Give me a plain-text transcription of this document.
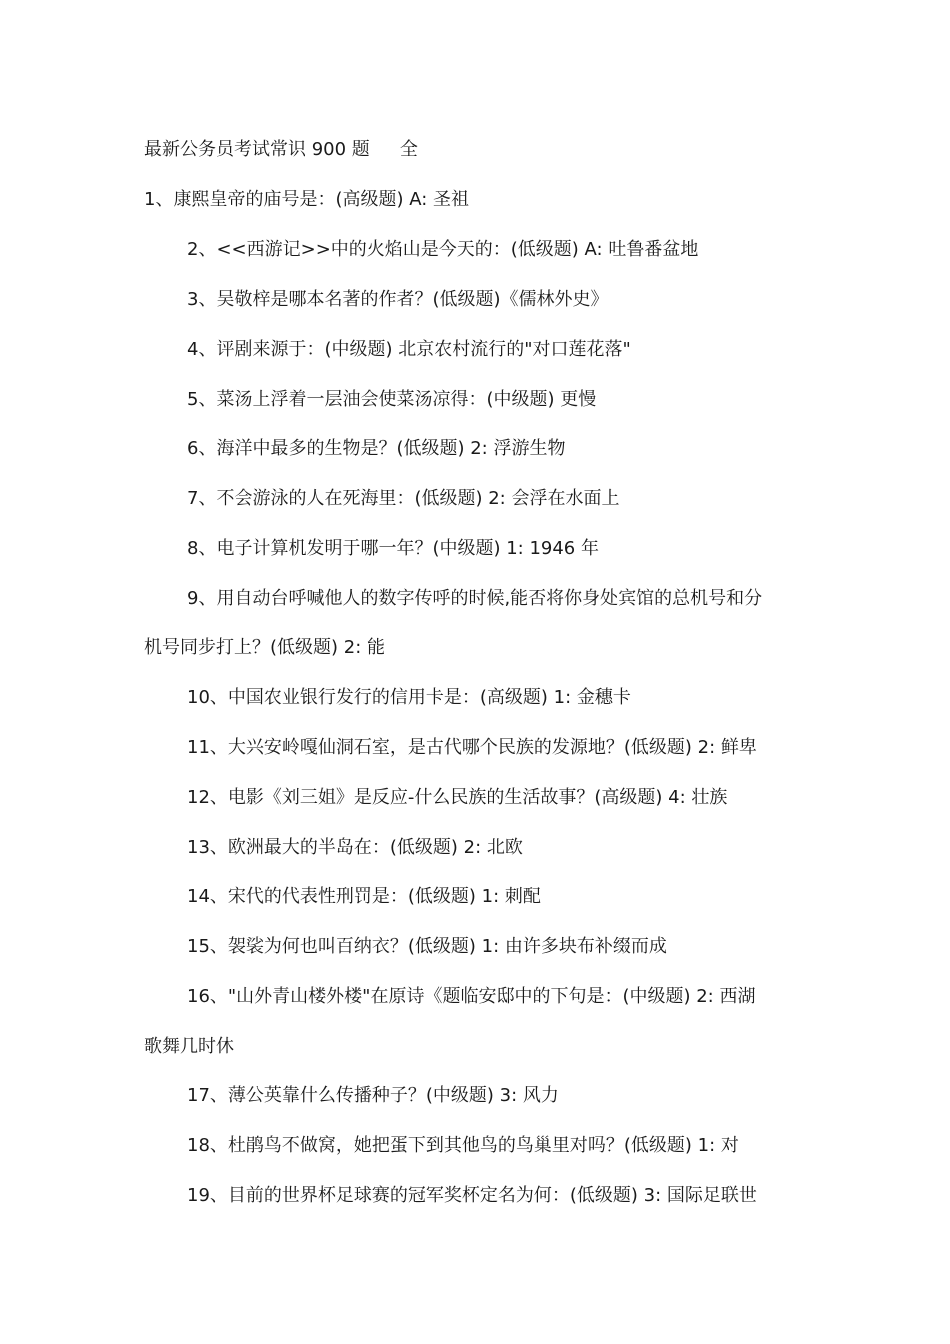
最新公务员考试常识 900 题 全
1、康熙皇帝的庙号是：(高级题) A: 圣祖
2、<<西游记>>中的火焰山是今天的：(低级题) A: 吐鲁番盆地
3、吴敬梓是哪本名著的作者？(低级题)《儒林外史》
4、评剧来源于：(中级题) 北京农村流行的"对口莲花落"
5、菜汤上浮着一层油会使菜汤凉得：(中级题) 更慢
6、海洋中最多的生物是？(低级题) 2: 浮游生物
7、不会游泳的人在死海里：(低级题) 2: 会浮在水面上
8、电子计算机发明于哪一年？(中级题) 1: 1946 年
9、用自动台呼喊他人的数字传呼的时候,能否将你身处宾馆的总机号和分
机号同步打上？(低级题) 2: 能
10、中国农业银行发行的信用卡是：(高级题) 1: 金穗卡
11、大兴安岭嘎仙洞石室，是古代哪个民族的发源地？(低级题) 2: 鲜卑
12、电影《刘三姐》是反应-什么民族的生活故事？(高级题) 4: 壮族
13、欧洲最大的半岛在：(低级题) 2: 北欧
14、宋代的代表性刑罚是：(低级题) 1: 刺配
15、袈裟为何也叫百纳衣？(低级题) 1: 由许多块布补缀而成
16、"山外青山楼外楼"在原诗《题临安邸中的下句是：(中级题) 2: 西湖
歌舞几时休
17、薄公英靠什么传播种子？(中级题) 3: 风力
18、杜鹃鸟不做窝，她把蛋下到其他鸟的鸟巢里对吗？(低级题) 1: 对
19、目前的世界杯足球赛的冠军奖杯定名为何：(低级题) 3: 国际足联世
